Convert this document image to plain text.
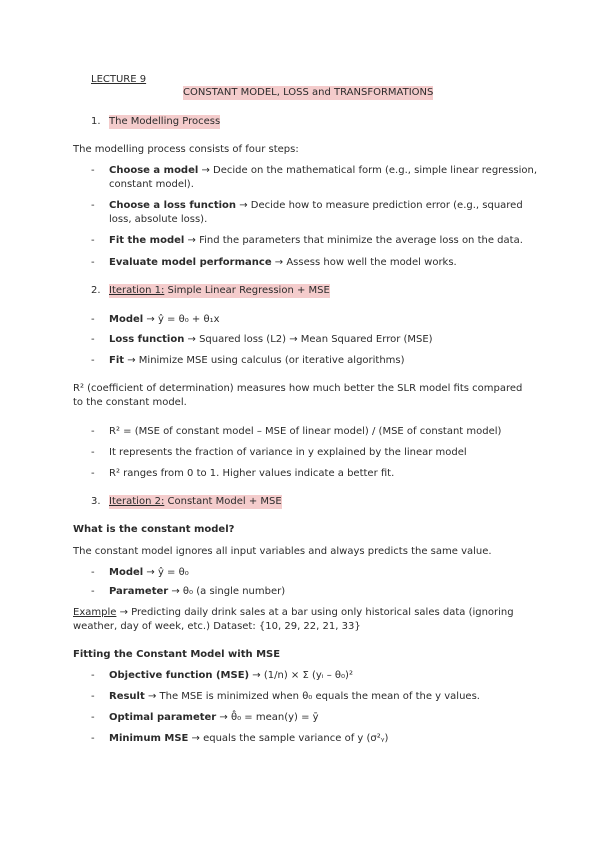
LECTURE 9
CONSTANT MODEL, LOSS and TRANSFORMATIONS
1. The Modelling Process
The modelling process consists of four steps:
- Choose a model → Decide on the mathematical form (e.g., simple linear regression, constant model).
- Choose a loss function → Decide how to measure prediction error (e.g., squared loss, absolute loss).
- Fit the model → Find the parameters that minimize the average loss on the data.
- Evaluate model performance → Assess how well the model works.
2. Iteration 1: Simple Linear Regression + MSE
- Model → ŷ = θ₀ + θ₁x
- Loss function → Squared loss (L2) → Mean Squared Error (MSE)
- Fit → Minimize MSE using calculus (or iterative algorithms)
R² (coefficient of determination) measures how much better the SLR model fits compared to the constant model.
- R² = (MSE of constant model – MSE of linear model) / (MSE of constant model)
- It represents the fraction of variance in y explained by the linear model
- R² ranges from 0 to 1. Higher values indicate a better fit.
3. Iteration 2: Constant Model + MSE
What is the constant model?
The constant model ignores all input variables and always predicts the same value.
- Model → ŷ = θ₀
- Parameter → θ₀ (a single number)
Example → Predicting daily drink sales at a bar using only historical sales data (ignoring weather, day of week, etc.) Dataset: {10, 29, 22, 21, 33}
Fitting the Constant Model with MSE
- Objective function (MSE) → (1/n) × Σ (yᵢ – θ₀)²
- Result → The MSE is minimized when θ₀ equals the mean of the y values.
- Optimal parameter → θ̂₀ = mean(y) = ȳ
- Minimum MSE → equals the sample variance of y (σ²ᵧ)
